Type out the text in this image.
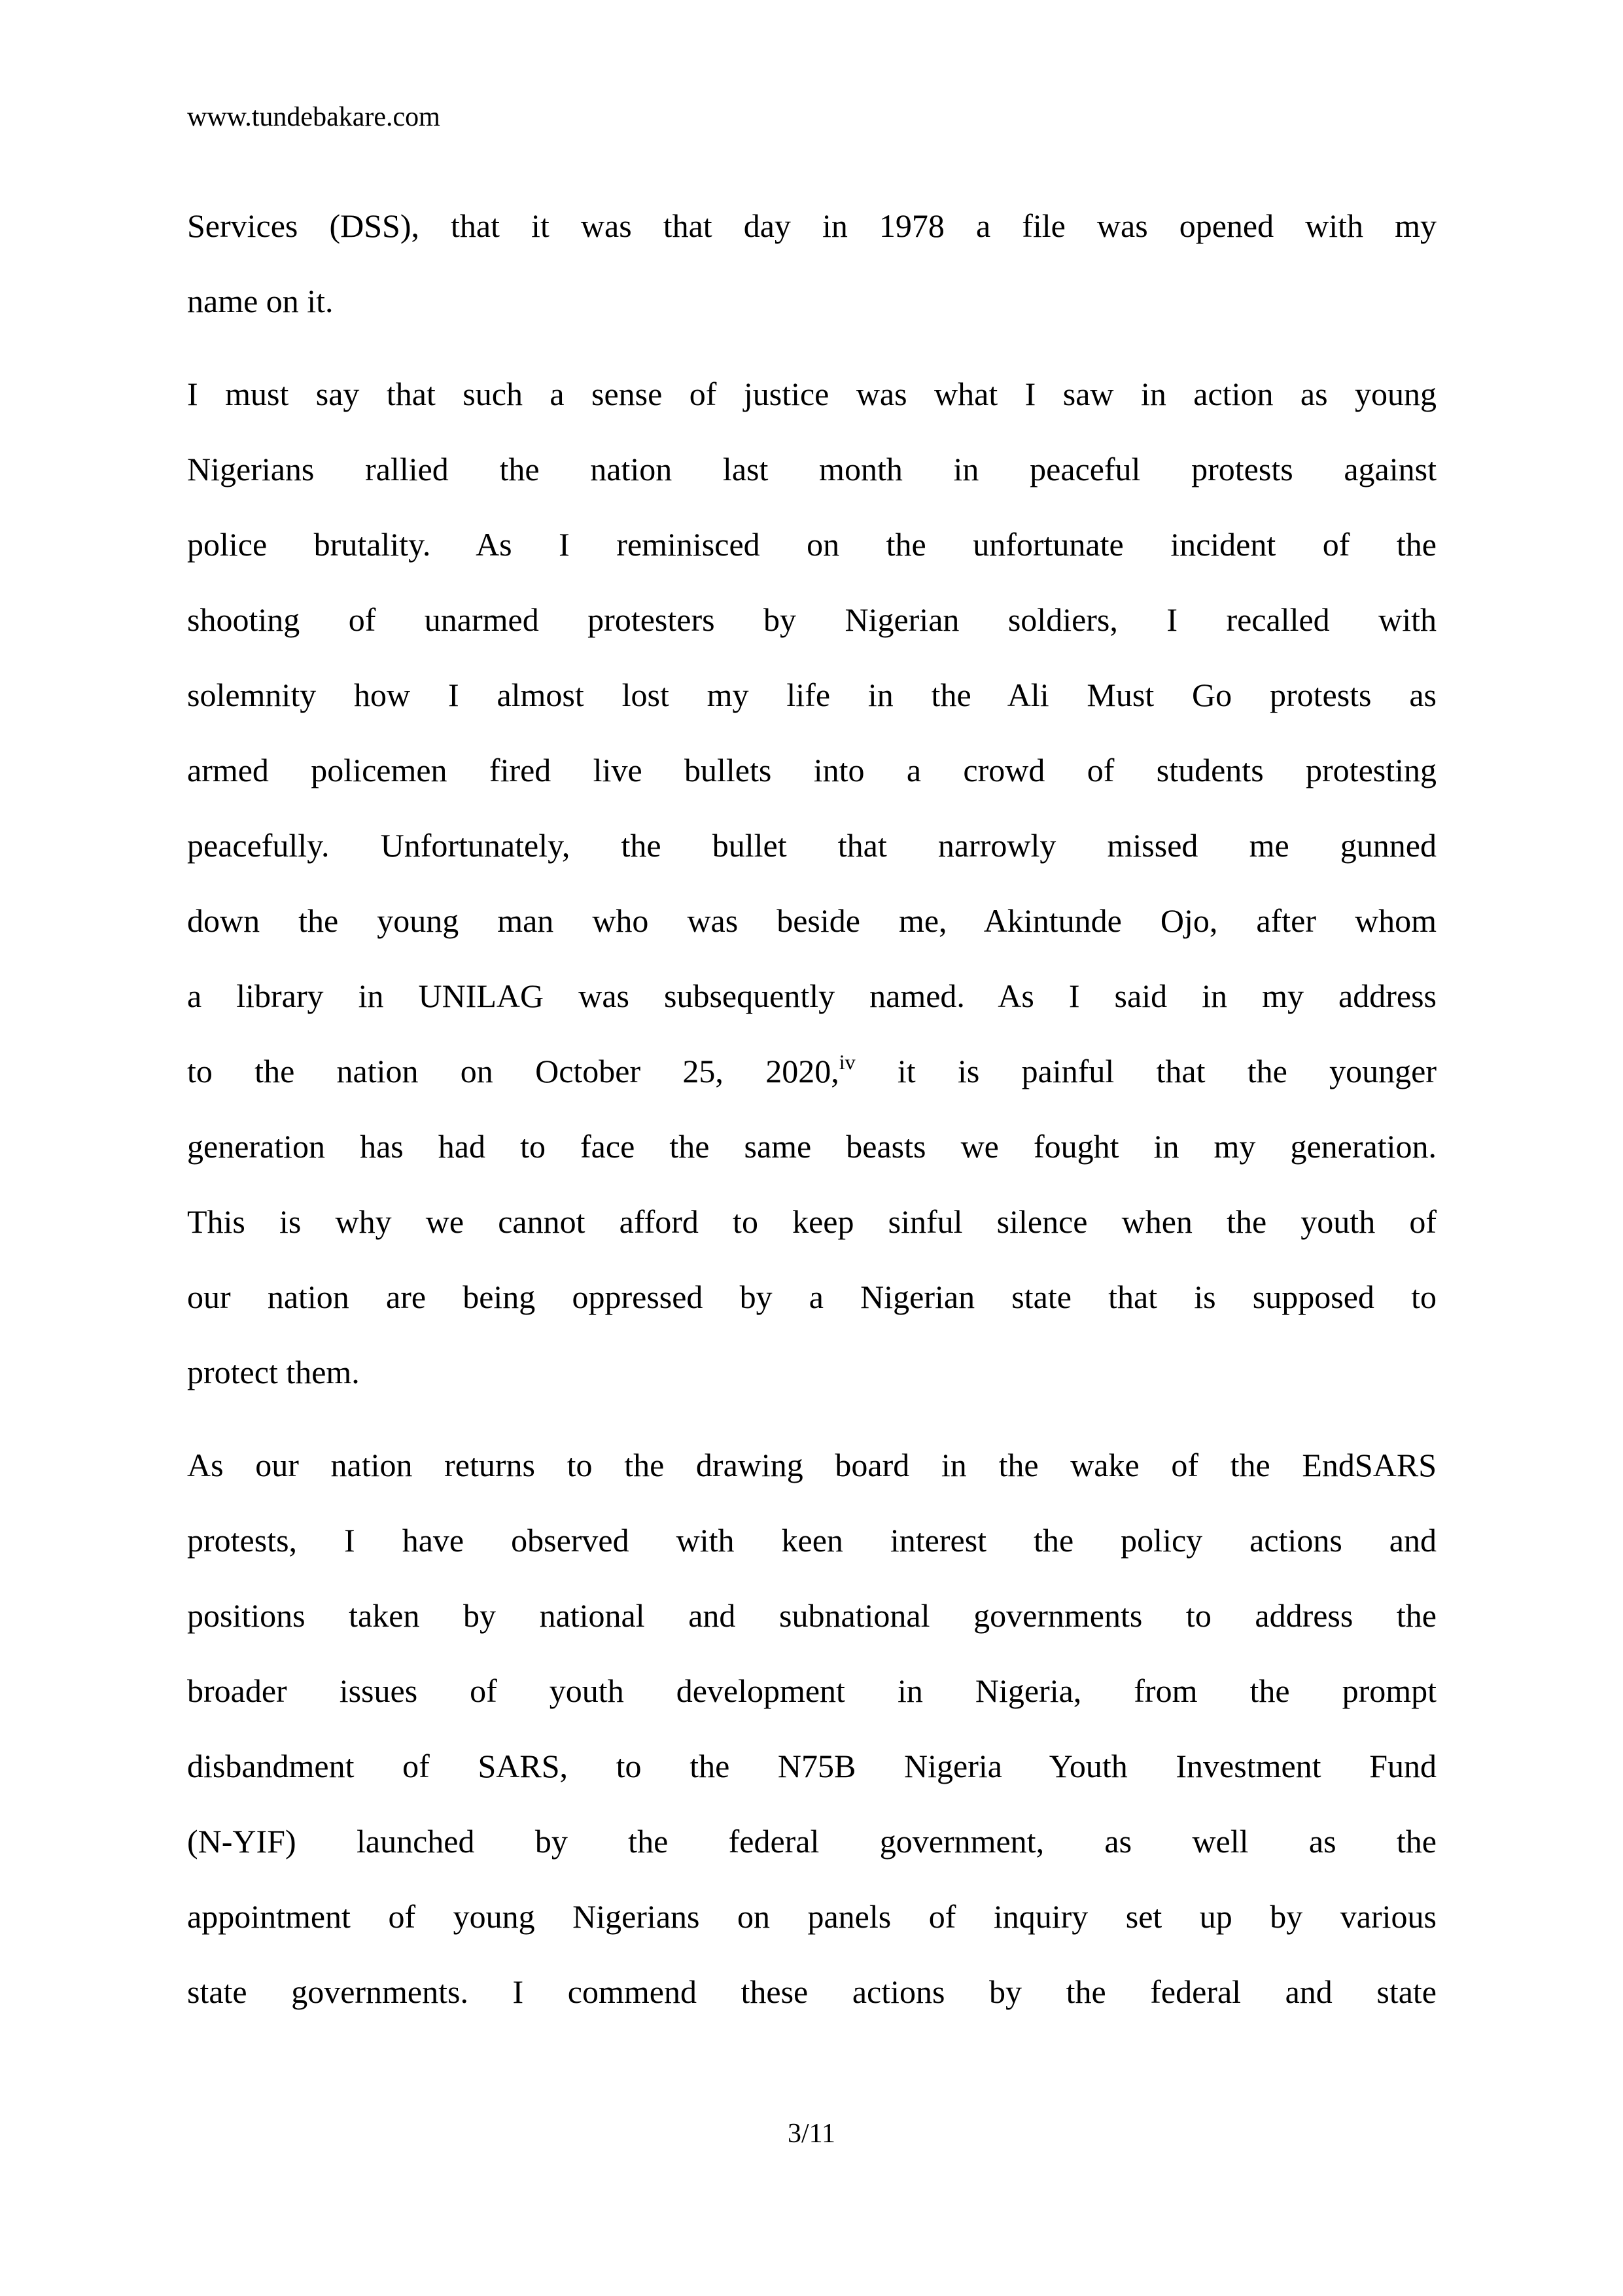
www.tundebakare.com
Services (DSS), that it was that day in 1978 a file was opened with my
name on it.
I must say that such a sense of justice was what I saw in action as young
Nigerians rallied the nation last month in peaceful protests against
police brutality. As I reminisced on the unfortunate incident of the
shooting of unarmed protesters by Nigerian soldiers, I recalled with
solemnity how I almost lost my life in the Ali Must Go protests as
armed policemen fired live bullets into a crowd of students protesting
peacefully. Unfortunately, the bullet that narrowly missed me gunned
down the young man who was beside me, Akintunde Ojo, after whom
a library in UNILAG was subsequently named. As I said in my address
to the nation on October 25, 2020,$^{iv}$ it is painful that the younger
generation has had to face the same beasts we fought in my generation.
This is why we cannot afford to keep sinful silence when the youth of
our nation are being oppressed by a Nigerian state that is supposed to
protect them.
As our nation returns to the drawing board in the wake of the EndSARS
protests, I have observed with keen interest the policy actions and
positions taken by national and subnational governments to address the
broader issues of youth development in Nigeria, from the prompt
disbandment of SARS, to the N75B Nigeria Youth Investment Fund
(N-YIF) launched by the federal government, as well as the
appointment of young Nigerians on panels of inquiry set up by various
state governments. I commend these actions by the federal and state
3/11
